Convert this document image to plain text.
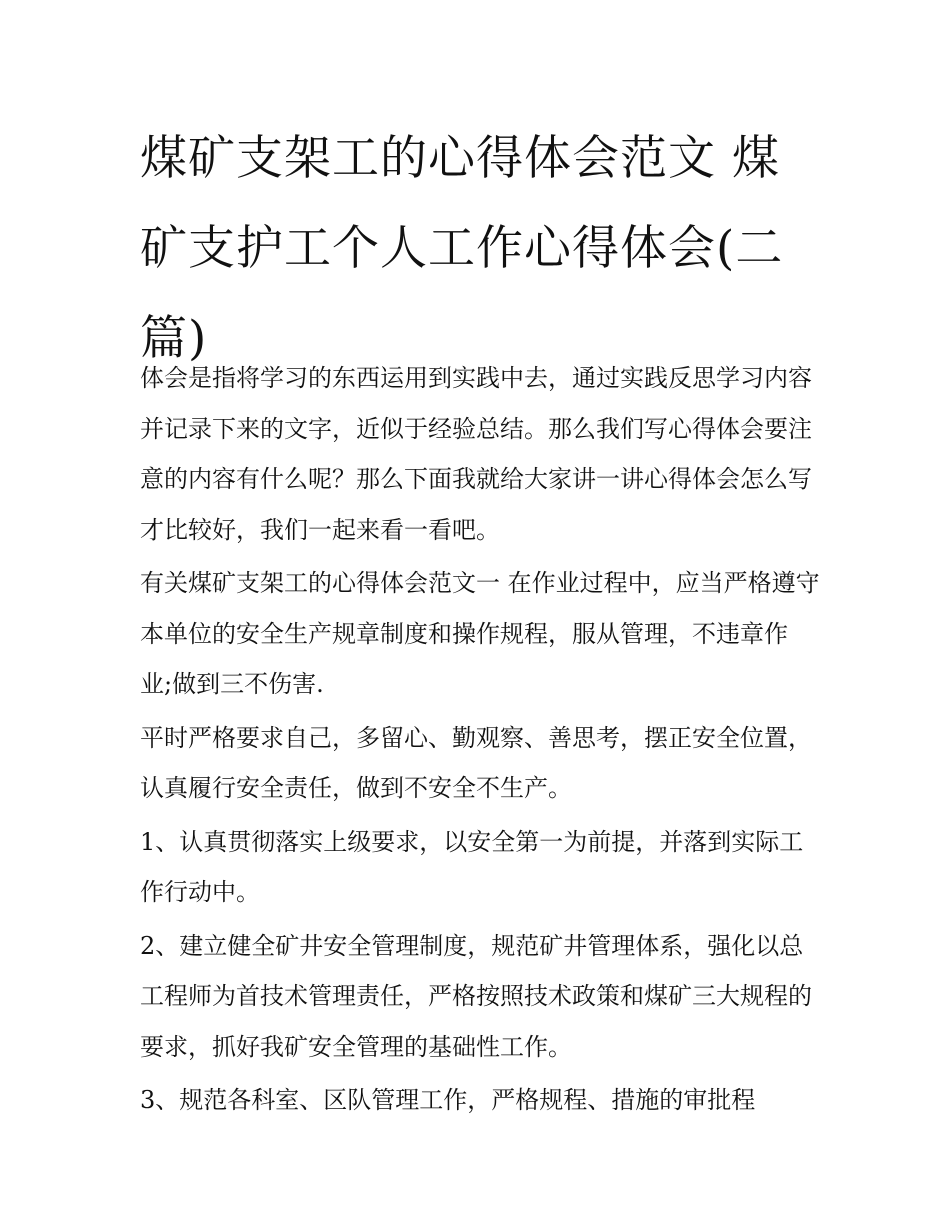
煤矿支架工的心得体会范文 煤矿支护工个人工作心得体会(二篇)

体会是指将学习的东西运用到实践中去，通过实践反思学习内容并记录下来的文字，近似于经验总结。那么我们写心得体会要注意的内容有什么呢？那么下面我就给大家讲一讲心得体会怎么写才比较好，我们一起来看一看吧。

有关煤矿支架工的心得体会范文一 在作业过程中，应当严格遵守本单位的安全生产规章制度和操作规程，服从管理，不违章作业;做到三不伤害.

平时严格要求自己，多留心、勤观察、善思考，摆正安全位置，认真履行安全责任，做到不安全不生产。

1、认真贯彻落实上级要求，以安全第一为前提，并落到实际工作行动中。

2、建立健全矿井安全管理制度，规范矿井管理体系，强化以总工程师为首技术管理责任，严格按照技术政策和煤矿三大规程的要求，抓好我矿安全管理的基础性工作。

3、规范各科室、区队管理工作，严格规程、措施的审批程
